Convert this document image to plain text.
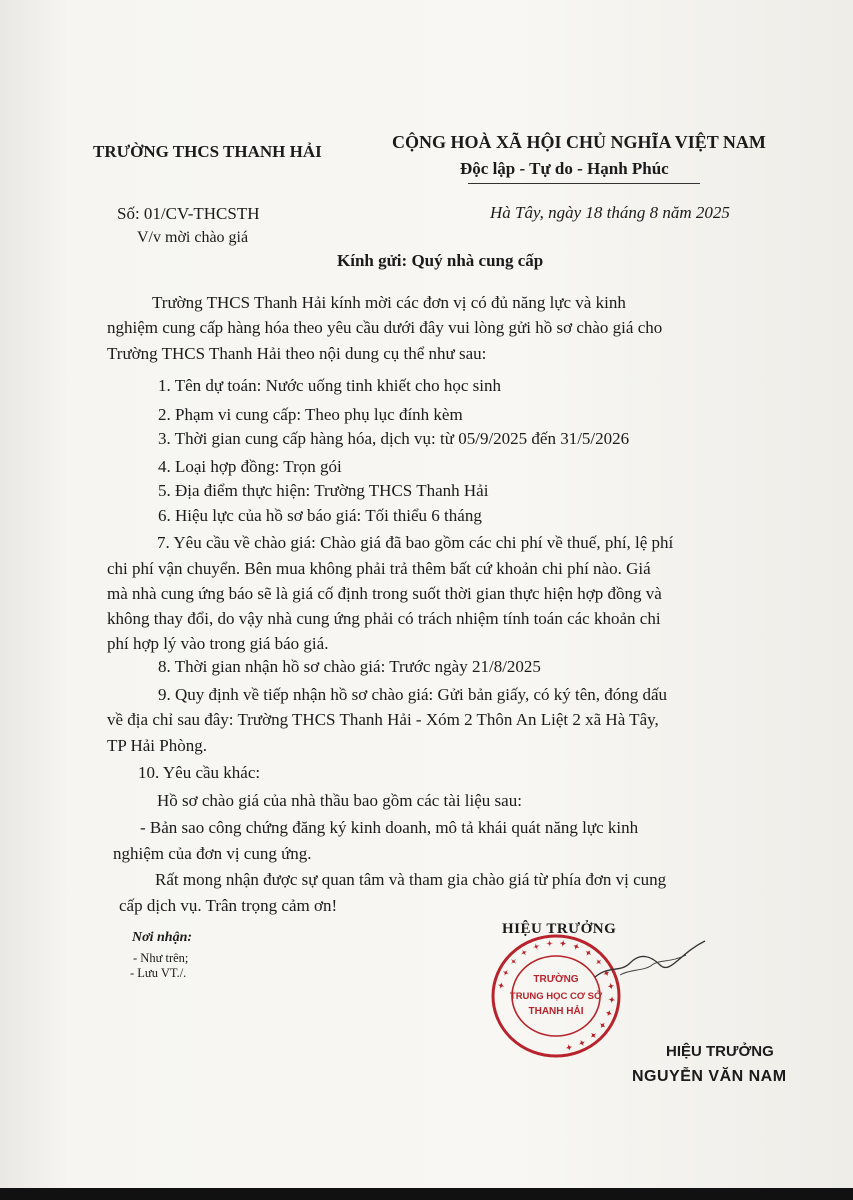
TRƯỜNG THCS THANH HẢI	CỘNG HOÀ XÃ HỘI CHỦ NGHĨA VIỆT NAM
Độc lập - Tự do - Hạnh Phúc
Số: 01/CV-THCSTH
V/v mời chào giá
Hà Tây, ngày 18 tháng 8 năm 2025
Kính gửi: Quý nhà cung cấp
Trường THCS Thanh Hải kính mời các đơn vị có đủ năng lực và kinh
nghiệm cung cấp hàng hóa theo yêu cầu dưới đây vui lòng gửi hồ sơ chào giá cho
Trường THCS Thanh Hải theo nội dung cụ thể như sau:
1. Tên dự toán: Nước uống tinh khiết cho học sinh
2. Phạm vi cung cấp: Theo phụ lục đính kèm
3. Thời gian cung cấp hàng hóa, dịch vụ: từ 05/9/2025 đến 31/5/2026
4. Loại hợp đồng: Trọn gói
5. Địa điểm thực hiện: Trường THCS Thanh Hải
6. Hiệu lực của hồ sơ báo giá: Tối thiểu 6 tháng
7. Yêu cầu về chào giá: Chào giá đã bao gồm các chi phí về thuế, phí, lệ phí
chi phí vận chuyển. Bên mua không phải trả thêm bất cứ khoản chi phí nào. Giá
mà nhà cung ứng báo sẽ là giá cố định trong suốt thời gian thực hiện hợp đồng và
không thay đổi, do vậy nhà cung ứng phải có trách nhiệm tính toán các khoản chi
phí hợp lý vào trong giá báo giá.
8. Thời gian nhận hồ sơ chào giá: Trước ngày 21/8/2025
9. Quy định về tiếp nhận hồ sơ chào giá: Gửi bản giấy, có ký tên, đóng dấu
về địa chỉ sau đây: Trường THCS Thanh Hải - Xóm 2 Thôn An Liệt 2 xã Hà Tây,
TP Hải Phòng.
10. Yêu cầu khác:
Hồ sơ chào giá của nhà thầu bao gồm các tài liệu sau:
- Bản sao công chứng đăng ký kinh doanh, mô tả khái quát năng lực kinh
nghiệm của đơn vị cung ứng.
Rất mong nhận được sự quan tâm và tham gia chào giá từ phía đơn vị cung
cấp dịch vụ. Trân trọng cảm ơn!
Nơi nhận:
- Như trên;
- Lưu VT./.
HIỆU TRƯỞNG
✦ ✦ ✦ ✦ ✦ ✦ ✦ ✦ ✦ ✦ ✦ ✦ ✦ ✦ ✦ ✦ ✦ ✦
TRƯỜNG
TRUNG HỌC CƠ SỞ
THANH HẢI
HIỆU TRƯỞNG
NGUYỄN VĂN NAM
